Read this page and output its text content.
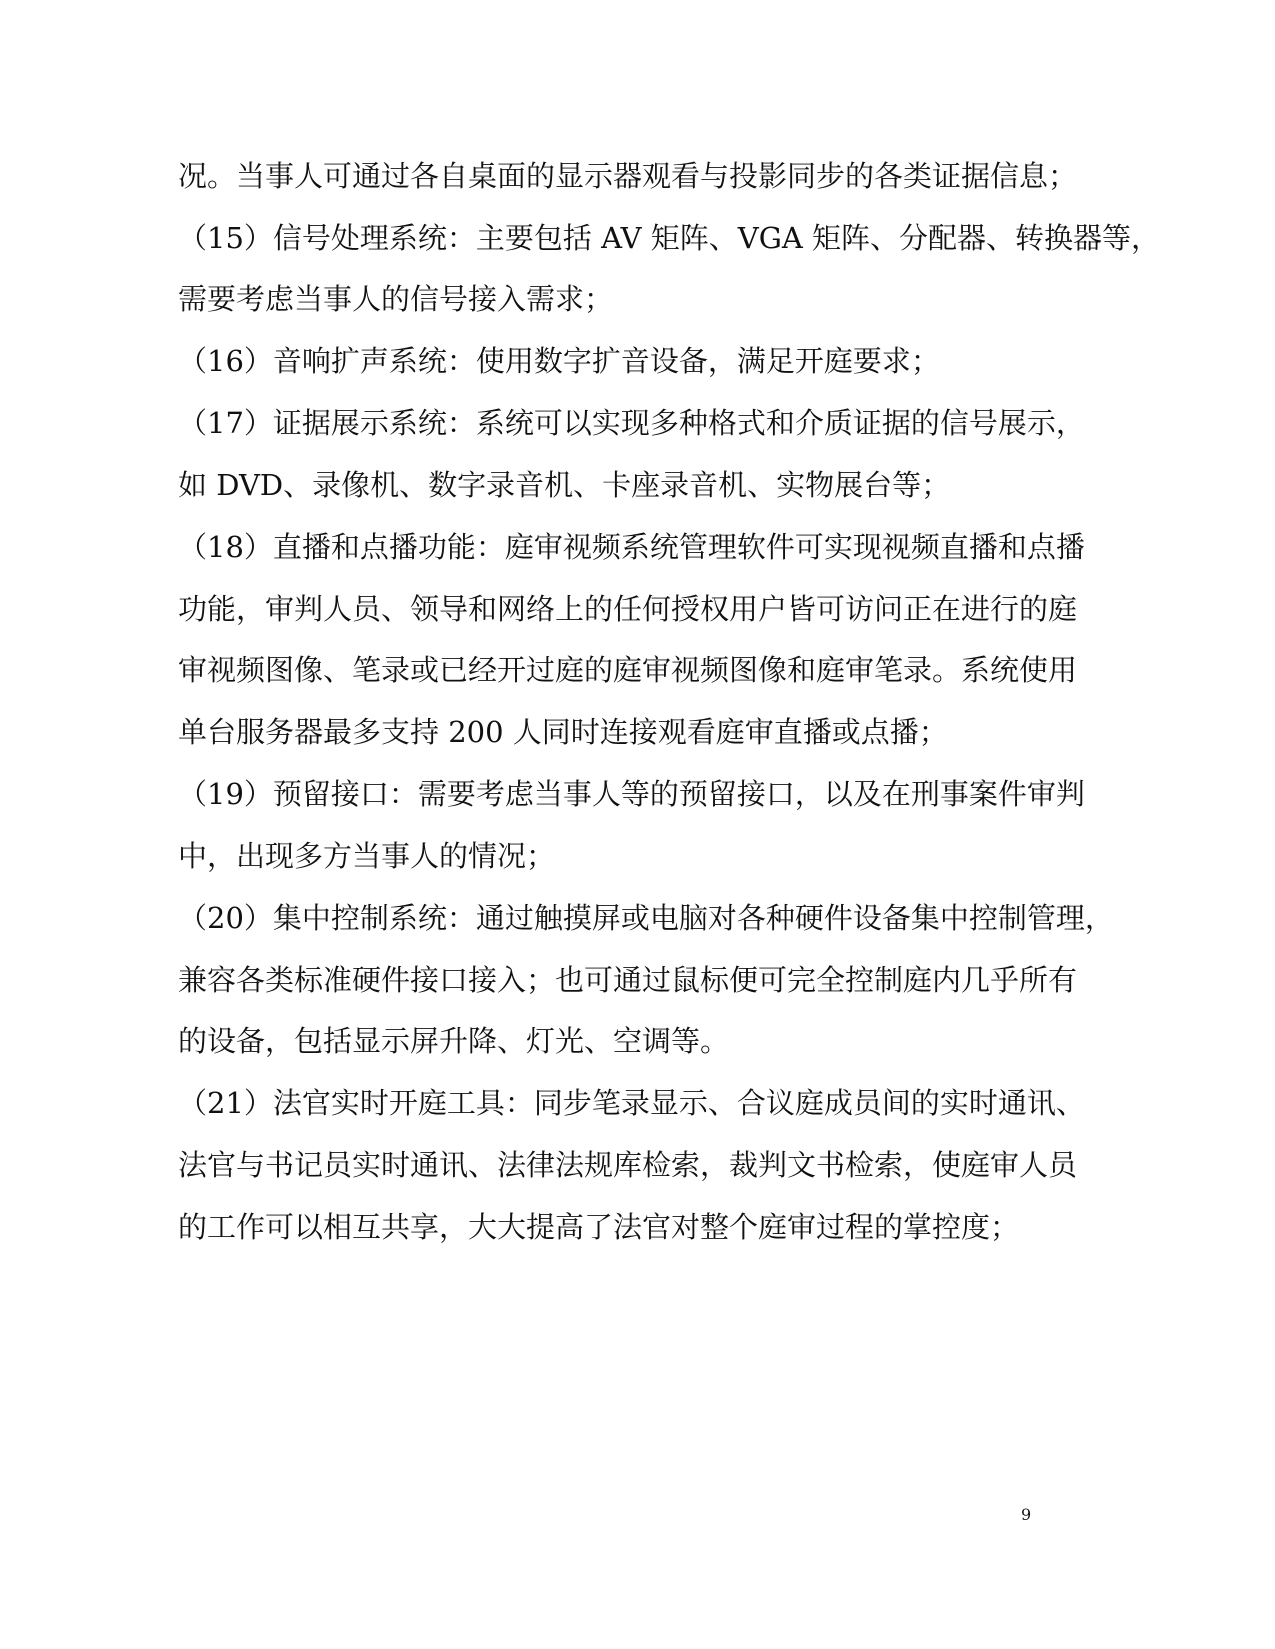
况。当事人可通过各自桌面的显示器观看与投影同步的各类证据信息；
（15）信号处理系统：主要包括 AV 矩阵、VGA 矩阵、分配器、转换器等，
需要考虑当事人的信号接入需求；
（16）音响扩声系统：使用数字扩音设备，满足开庭要求；
（17）证据展示系统：系统可以实现多种格式和介质证据的信号展示，
如 DVD、录像机、数字录音机、卡座录音机、实物展台等；
（18）直播和点播功能：庭审视频系统管理软件可实现视频直播和点播
功能，审判人员、领导和网络上的任何授权用户皆可访问正在进行的庭
审视频图像、笔录或已经开过庭的庭审视频图像和庭审笔录。系统使用
单台服务器最多支持 200 人同时连接观看庭审直播或点播；
（19）预留接口：需要考虑当事人等的预留接口，以及在刑事案件审判
中，出现多方当事人的情况；
（20）集中控制系统：通过触摸屏或电脑对各种硬件设备集中控制管理，
兼容各类标准硬件接口接入；也可通过鼠标便可完全控制庭内几乎所有
的设备，包括显示屏升降、灯光、空调等。
（21）法官实时开庭工具：同步笔录显示、合议庭成员间的实时通讯、
法官与书记员实时通讯、法律法规库检索，裁判文书检索，使庭审人员
的工作可以相互共享，大大提高了法官对整个庭审过程的掌控度；
9
